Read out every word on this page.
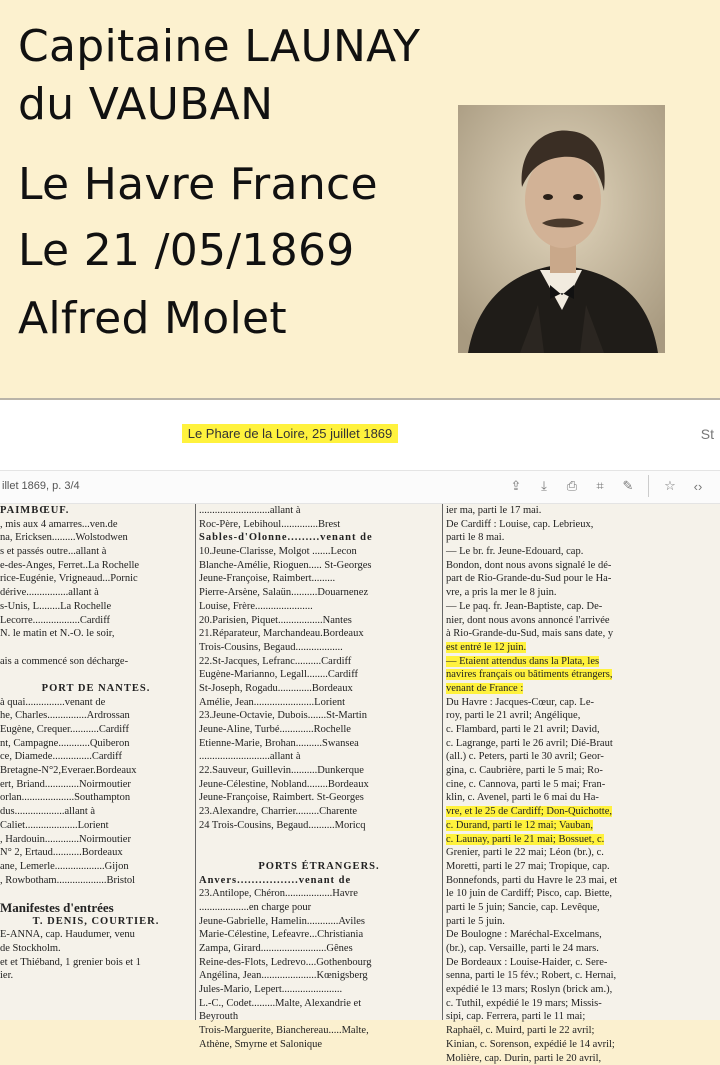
Capitaine LAUNAY
du VAUBAN
Le Havre France
Le 21 /05/1869
Alfred Molet
Le Phare de la Loire, 25 juillet 1869	St
illet 1869, p. 3/4	⇪	⤓	⎙	⌗	✎	☆	‹›
PAIMBŒUF.
, mis aux 4 amarres...ven.de
na, Ericksen.........Wolstodwen
s et passés outre...allant à
e-des-Anges, Ferret..La Rochelle
rice-Eugénie, Vrigneaud...Pornic
dérive................allant à
s-Unis, L........La Rochelle
Lecorre..................Cardiff
N. le matin et N.-O. le soir,
ais a commencé son décharge-
PORT DE NANTES.
à quai...............venant de
he, Charles...............Ardrossan
Eugène, Crequer...........Cardiff
nt, Campagne............Quiberon
ce, Diamede...............Cardiff
Bretagne-N°2,Everaer.Bordeaux
ert, Briand.............Noirmoutier
orlan....................Southampton
dus...................allant à
Caliet....................Lorient
, Hardouin.............Noirmoutier
N° 2, Ertaud...........Bordeaux
ane, Lemerle...................Gijon
, Rowbotham...................Bristol
Manifestes d'entrées
T. DENIS, COURTIER.
E-ANNA, cap. Haudumer, venu
de Stockholm.
et et Thiéband, 1 grenier bois et 1
ier.
...........................allant à
Roc-Père, Lebihoul..............Brest
Sables-d'Olonne.........venant de
10.Jeune-Clarisse, Molgot .......Lecon
Blanche-Amélie, Rioguen..... St-Georges
Jeune-Françoise, Raimbert.........
Pierre-Arsène, Salaün..........Douarnenez
Louise, Frère......................
20.Parisien, Piquet.................Nantes
21.Réparateur, Marchandeau.Bordeaux
Trois-Cousins, Begaud..................
22.St-Jacques, Lefranc..........Cardiff
Eugène-Marianno, Legall........Cardiff
St-Joseph, Rogadu.............Bordeaux
Amélie, Jean.......................Lorient
23.Jeune-Octavie, Dubois.......St-Martin
Jeune-Aline, Turbé.............Rochelle
Etienne-Marie, Brohan..........Swansea
...........................allant à
22.Sauveur, Guillevin..........Dunkerque
Jeune-Célestine, Nobland........Bordeaux
Jeune-Françoise, Raimbert. St-Georges
23.Alexandre, Charrier.........Charente
24 Trois-Cousins, Begaud..........Moricq
PORTS ÉTRANGERS.
Anvers.................venant de
23.Antilope, Chéron..................Havre
...................en charge pour
Jeune-Gabrielle, Hamelin............Aviles
Marie-Célestine, Lefeavre...Christiania
Zampa, Girard.........................Gênes
Reine-des-Flots, Ledrevo....Gothenbourg
Angélina, Jean.....................Kœnigsberg
Jules-Mario, Lepert.......................
L.-C., Codet.........Malte, Alexandrie et
Beyrouth
Trois-Marguerite, Bianchereau.....Malte,
Athène, Smyrne et Salonique
ier ma, parti le 17 mai.
De Cardiff : Louise, cap. Lebrieux,
parti le 8 mai.
— Le br. fr. Jeune-Edouard, cap.
Bondon, dont nous avons signalé le dé-
part de Rio-Grande-du-Sud pour le Ha-
vre, a pris la mer le 8 juin.
— Le paq. fr. Jean-Baptiste, cap. De-
nier, dont nous avons annoncé l'arrivée
à Rio-Grande-du-Sud, mais sans date, y
est entré le 12 juin.
— Etaient attendus dans la Plata, les
navires français ou bâtiments étrangers,
venant de France :
Du Havre : Jacques-Cœur, cap. Le-
roy, parti le 21 avril; Angélique,
c. Flambard, parti le 21 avril; David,
c. Lagrange, parti le 26 avril; Dié-Braut
(all.) c. Peters, parti le 30 avril; Geor-
gina, c. Caubrière, parti le 5 mai; Ro-
cine, c. Cannova, parti le 5 mai; Fran-
klin, c. Avenel, parti le 6 mai du Ha-
vre, et le 25 de Cardiff; Don-Quichotte,
c. Durand, parti le 12 mai; Vauban,
c. Launay, parti le 21 mai; Bossuet, c.
Grenier, parti le 22 mai; Léon (br.), c.
Moretti, parti le 27 mai; Tropique, cap.
Bonnefonds, parti du Havre le 23 mai, et
le 10 juin de Cardiff; Pisco, cap. Biette,
parti le 5 juin; Sancie, cap. Levêque,
parti le 5 juin.
De Boulogne : Maréchal-Excelmans,
(br.), cap. Versaille, parti le 24 mars.
De Bordeaux : Louise-Haider, c. Sere-
senna, parti le 15 fév.; Robert, c. Hernai,
expédié le 13 mars; Roslyn (brick am.),
c. Tuthil, expédié le 19 mars; Missis-
sipi, cap. Ferrera, parti le 11 mai;
Raphaël, c. Muird, parti le 22 avril;
Kinian, c. Sorenson, expédié le 14 avril;
Molière, cap. Durin, parti le 20 avril,
